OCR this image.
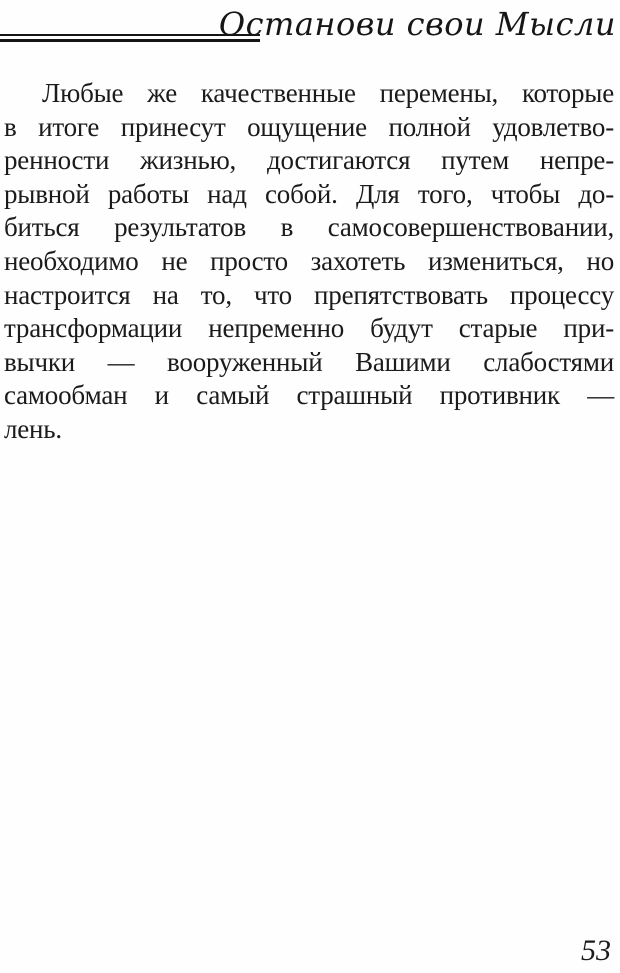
Останови свои Мысли
Любые же качественные перемены, которые
в итоге принесут ощущение полной удовлетво-
ренности жизнью, достигаются путем непре-
рывной работы над собой. Для того, чтобы до-
биться результатов в самосовершенствовании,
необходимо не просто захотеть измениться, но
настроится на то, что препятствовать процессу
трансформации непременно будут старые при-
вычки — вооруженный Вашими слабостями
самообман и самый страшный противник —
лень.
53
